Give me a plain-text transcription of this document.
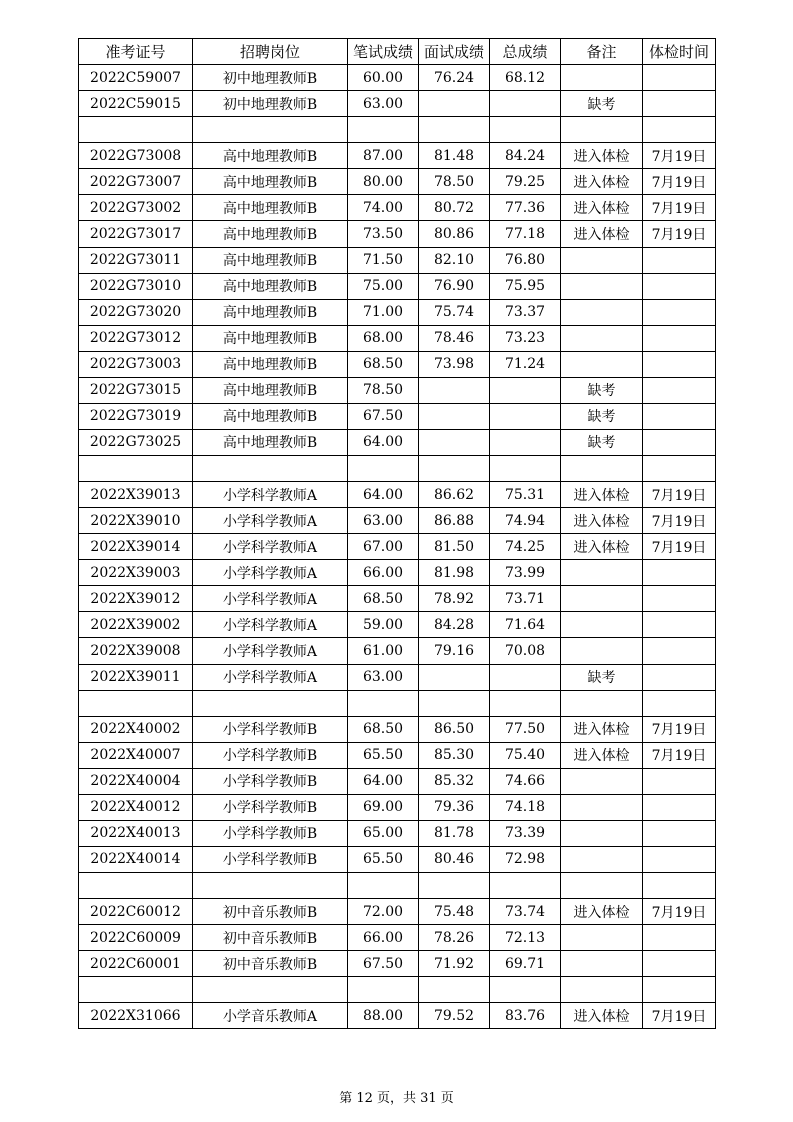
准考证号	招聘岗位	笔试成绩	面试成绩	总成绩	备注	体检时间
2022C59007	初中地理教师B	60.00	76.24	68.12		
2022C59015	初中地理教师B	63.00			缺考	

2022G73008	高中地理教师B	87.00	81.48	84.24	进入体检	7月19日
2022G73007	高中地理教师B	80.00	78.50	79.25	进入体检	7月19日
2022G73002	高中地理教师B	74.00	80.72	77.36	进入体检	7月19日
2022G73017	高中地理教师B	73.50	80.86	77.18	进入体检	7月19日
2022G73011	高中地理教师B	71.50	82.10	76.80		
2022G73010	高中地理教师B	75.00	76.90	75.95		
2022G73020	高中地理教师B	71.00	75.74	73.37		
2022G73012	高中地理教师B	68.00	78.46	73.23		
2022G73003	高中地理教师B	68.50	73.98	71.24		
2022G73015	高中地理教师B	78.50			缺考	
2022G73019	高中地理教师B	67.50			缺考	
2022G73025	高中地理教师B	64.00			缺考	

2022X39013	小学科学教师A	64.00	86.62	75.31	进入体检	7月19日
2022X39010	小学科学教师A	63.00	86.88	74.94	进入体检	7月19日
2022X39014	小学科学教师A	67.00	81.50	74.25	进入体检	7月19日
2022X39003	小学科学教师A	66.00	81.98	73.99		
2022X39012	小学科学教师A	68.50	78.92	73.71		
2022X39002	小学科学教师A	59.00	84.28	71.64		
2022X39008	小学科学教师A	61.00	79.16	70.08		
2022X39011	小学科学教师A	63.00			缺考	

2022X40002	小学科学教师B	68.50	86.50	77.50	进入体检	7月19日
2022X40007	小学科学教师B	65.50	85.30	75.40	进入体检	7月19日
2022X40004	小学科学教师B	64.00	85.32	74.66		
2022X40012	小学科学教师B	69.00	79.36	74.18		
2022X40013	小学科学教师B	65.00	81.78	73.39		
2022X40014	小学科学教师B	65.50	80.46	72.98		

2022C60012	初中音乐教师B	72.00	75.48	73.74	进入体检	7月19日
2022C60009	初中音乐教师B	66.00	78.26	72.13		
2022C60001	初中音乐教师B	67.50	71.92	69.71		

2022X31066	小学音乐教师A	88.00	79.52	83.76	进入体检	7月19日
第 12 页，共 31 页
